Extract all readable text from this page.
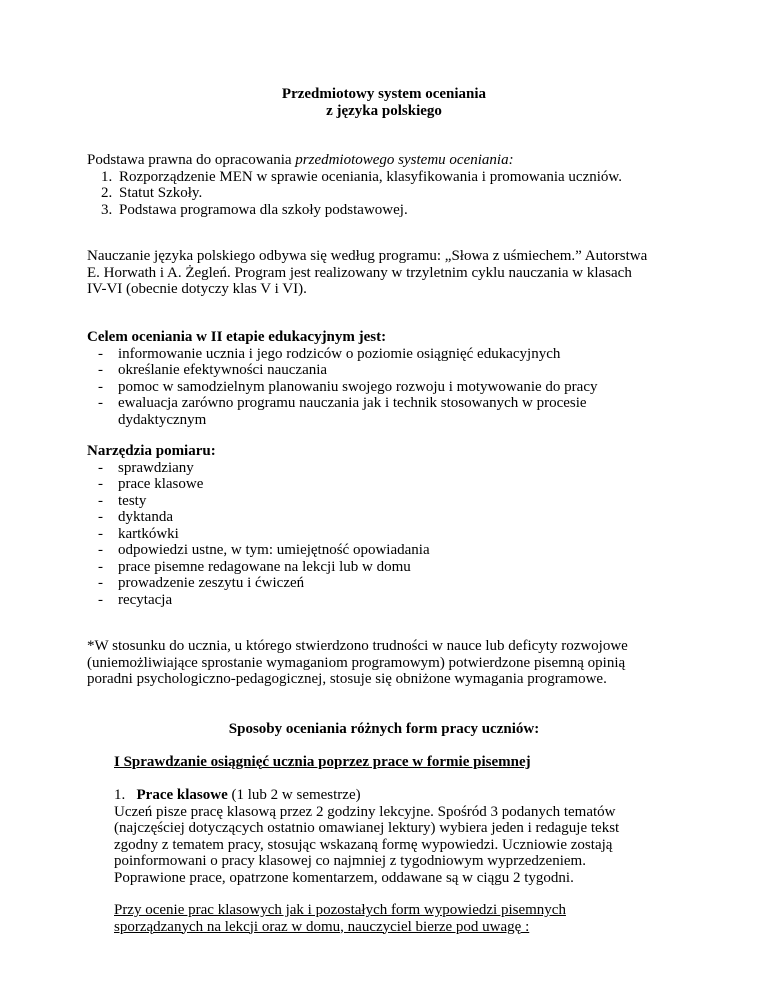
Przedmiotowy system oceniania
z języka polskiego
Podstawa prawna do opracowania przedmiotowego systemu oceniania:
1. Rozporządzenie MEN w sprawie oceniania, klasyfikowania i promowania uczniów.
2. Statut Szkoły.
3. Podstawa programowa dla szkoły podstawowej.
Nauczanie języka polskiego odbywa się według programu: „Słowa z uśmiechem.” Autorstwa
E. Horwath i A. Żegleń. Program jest realizowany w trzyletnim cyklu nauczania w klasach
IV-VI (obecnie dotyczy klas V i VI).
Celem oceniania w II etapie edukacyjnym jest:
- informowanie ucznia i jego rodziców o poziomie osiągnięć edukacyjnych
- określanie efektywności nauczania
- pomoc w samodzielnym planowaniu swojego rozwoju i motywowanie do pracy
- ewaluacja zarówno programu nauczania jak i technik stosowanych w procesie
dydaktycznym
Narzędzia pomiaru:
- sprawdziany
- prace klasowe
- testy
- dyktanda
- kartkówki
- odpowiedzi ustne, w tym: umiejętność opowiadania
- prace pisemne redagowane na lekcji lub w domu
- prowadzenie zeszytu i ćwiczeń
- recytacja
*W stosunku do ucznia, u którego stwierdzono trudności w nauce lub deficyty rozwojowe
(uniemożliwiające sprostanie wymaganiom programowym) potwierdzone pisemną opinią
poradni psychologiczno-pedagogicznej, stosuje się obniżone wymagania programowe.
Sposoby oceniania różnych form pracy uczniów:
I Sprawdzanie osiągnięć ucznia poprzez prace w formie pisemnej
1. Prace klasowe (1 lub 2 w semestrze)
Uczeń pisze pracę klasową przez 2 godziny lekcyjne. Spośród 3 podanych tematów
(najczęściej dotyczących ostatnio omawianej lektury) wybiera jeden i redaguje tekst
zgodny z tematem pracy, stosując wskazaną formę wypowiedzi. Uczniowie zostają
poinformowani o pracy klasowej co najmniej z tygodniowym wyprzedzeniem.
Poprawione prace, opatrzone komentarzem, oddawane są w ciągu 2 tygodni.
Przy ocenie prac klasowych jak i pozostałych form wypowiedzi pisemnych
sporządzanych na lekcji oraz w domu, nauczyciel bierze pod uwagę :
